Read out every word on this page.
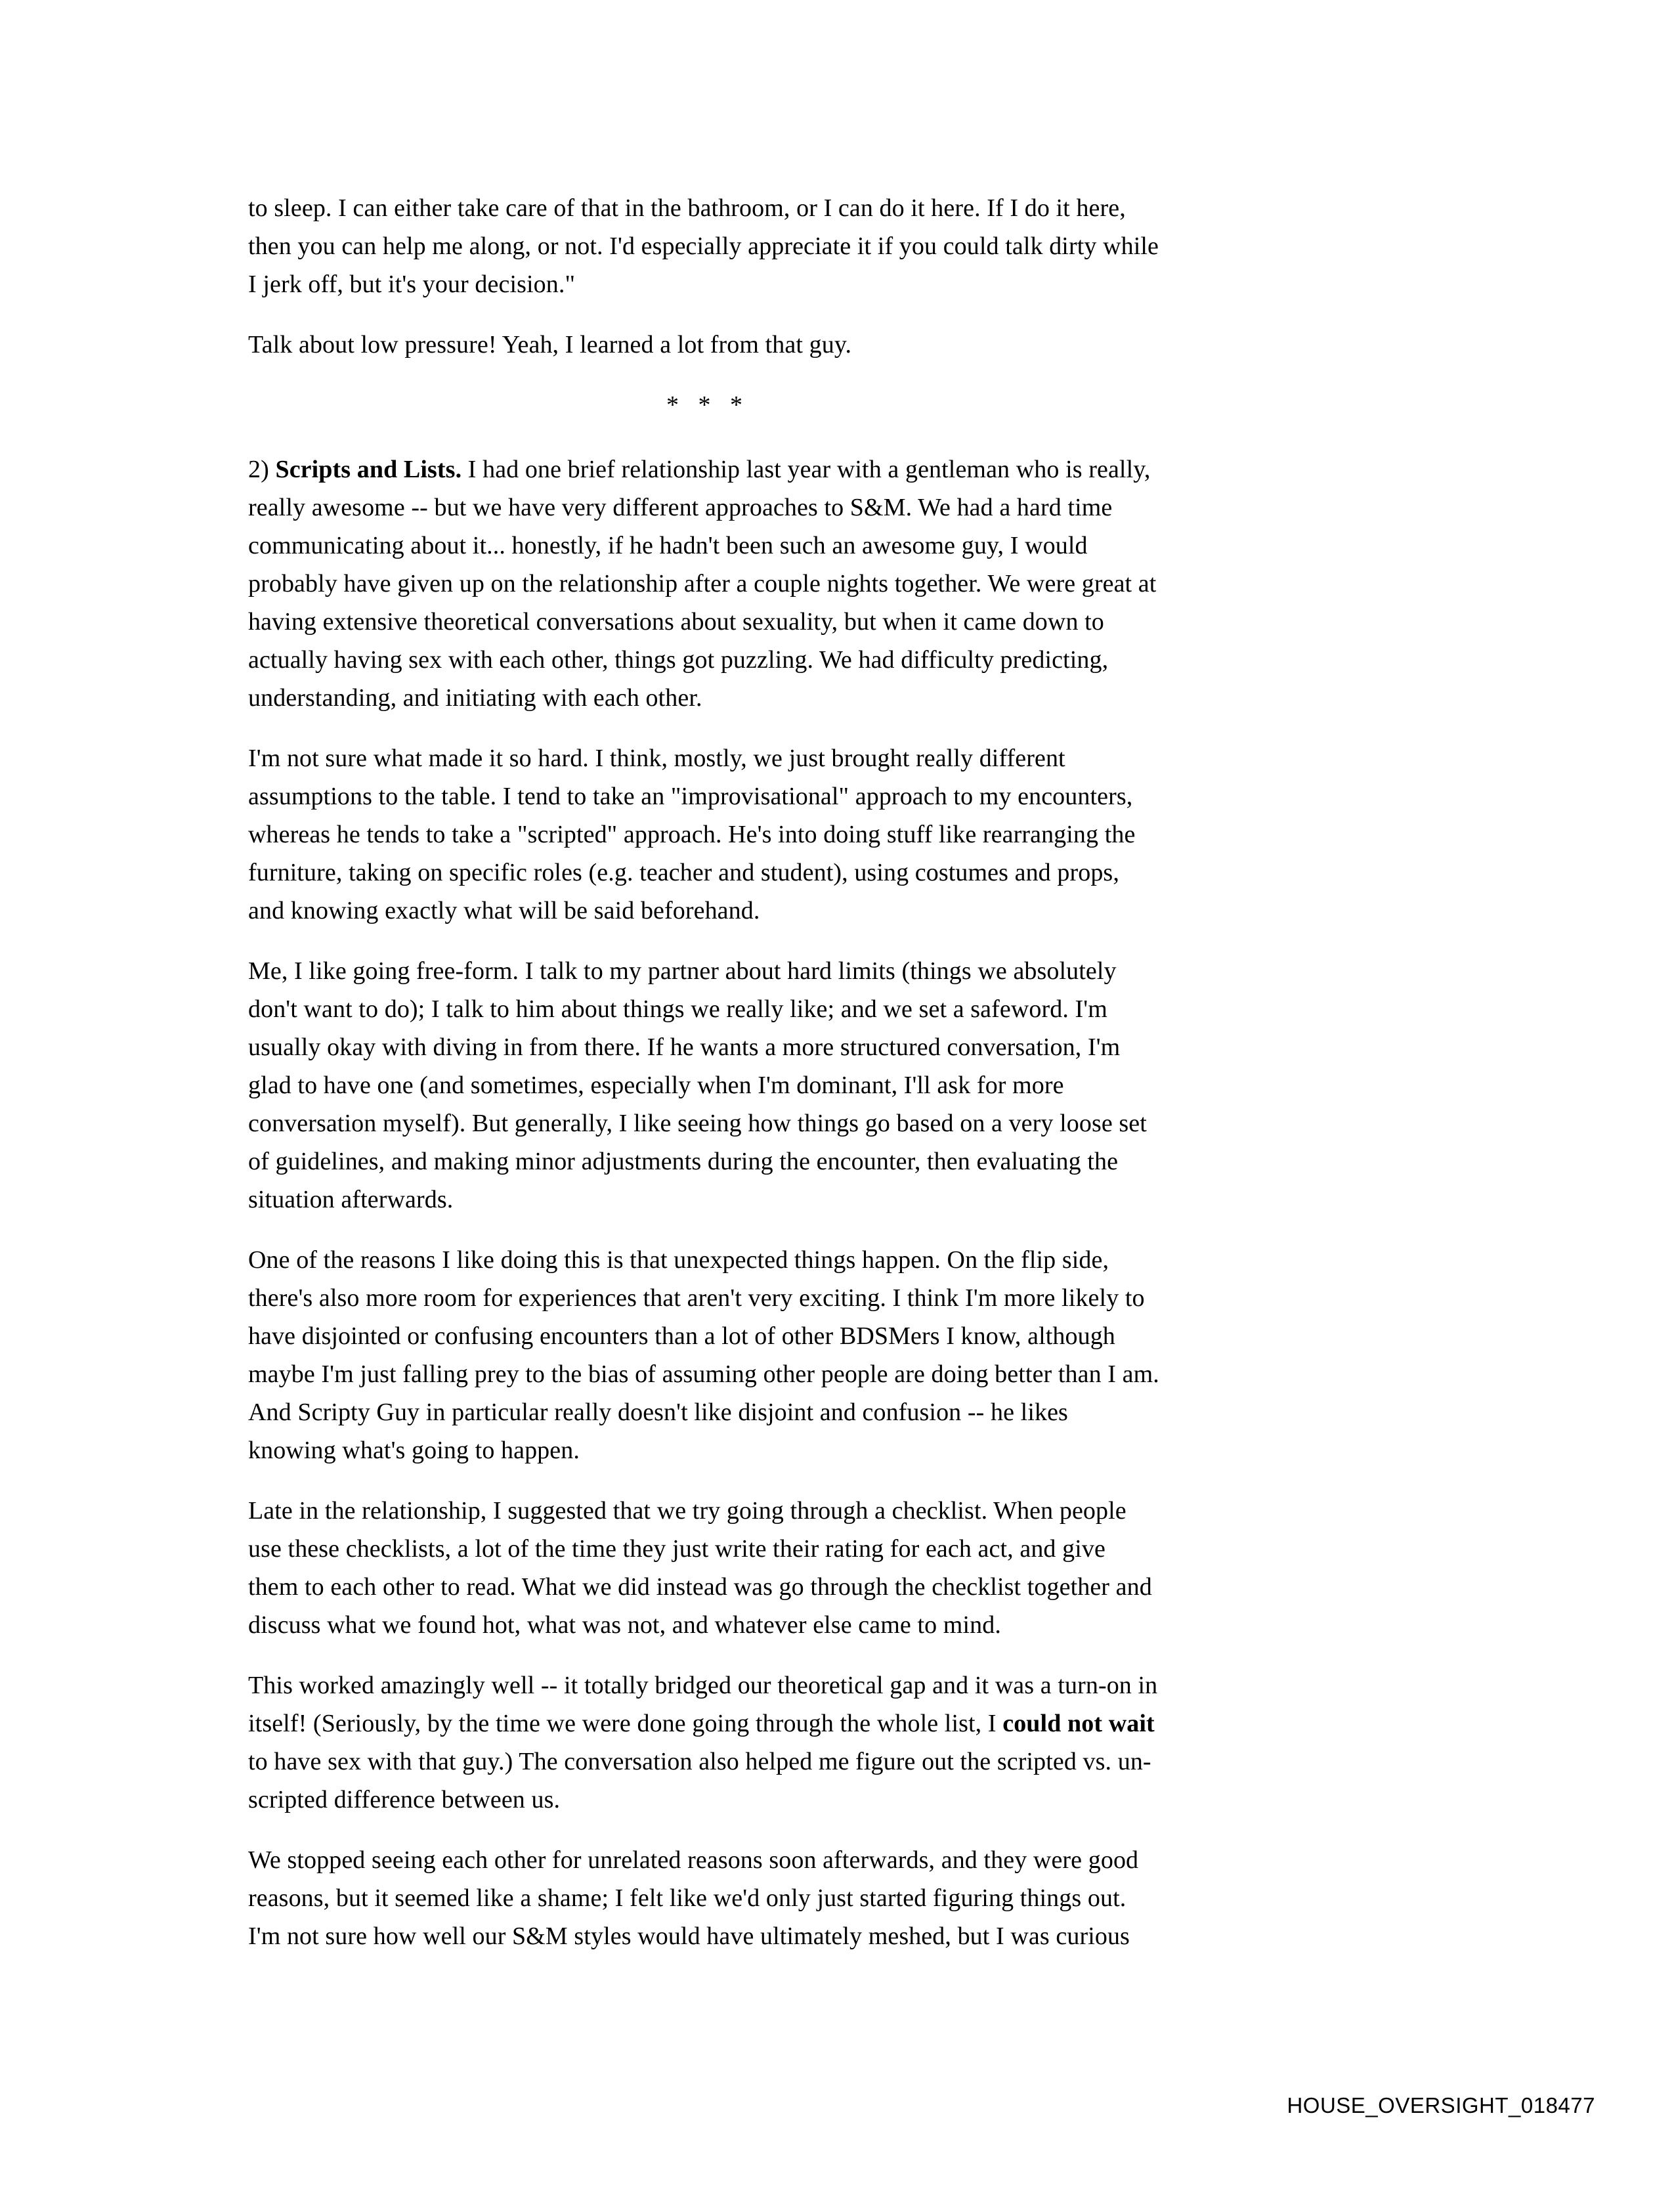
to sleep. I can either take care of that in the bathroom, or I can do it here. If I do it here, then you can help me along, or not. I'd especially appreciate it if you could talk dirty while I jerk off, but it's your decision."

Talk about low pressure! Yeah, I learned a lot from that guy.

* * *

2) Scripts and Lists. I had one brief relationship last year with a gentleman who is really, really awesome -- but we have very different approaches to S&M. We had a hard time communicating about it... honestly, if he hadn't been such an awesome guy, I would probably have given up on the relationship after a couple nights together. We were great at having extensive theoretical conversations about sexuality, but when it came down to actually having sex with each other, things got puzzling. We had difficulty predicting, understanding, and initiating with each other.

I'm not sure what made it so hard. I think, mostly, we just brought really different assumptions to the table. I tend to take an "improvisational" approach to my encounters, whereas he tends to take a "scripted" approach. He's into doing stuff like rearranging the furniture, taking on specific roles (e.g. teacher and student), using costumes and props, and knowing exactly what will be said beforehand.

Me, I like going free-form. I talk to my partner about hard limits (things we absolutely don't want to do); I talk to him about things we really like; and we set a safeword. I'm usually okay with diving in from there. If he wants a more structured conversation, I'm glad to have one (and sometimes, especially when I'm dominant, I'll ask for more conversation myself). But generally, I like seeing how things go based on a very loose set of guidelines, and making minor adjustments during the encounter, then evaluating the situation afterwards.

One of the reasons I like doing this is that unexpected things happen. On the flip side, there's also more room for experiences that aren't very exciting. I think I'm more likely to have disjointed or confusing encounters than a lot of other BDSMers I know, although maybe I'm just falling prey to the bias of assuming other people are doing better than I am. And Scripty Guy in particular really doesn't like disjoint and confusion -- he likes knowing what's going to happen.

Late in the relationship, I suggested that we try going through a checklist. When people use these checklists, a lot of the time they just write their rating for each act, and give them to each other to read. What we did instead was go through the checklist together and discuss what we found hot, what was not, and whatever else came to mind.

This worked amazingly well -- it totally bridged our theoretical gap and it was a turn-on in itself! (Seriously, by the time we were done going through the whole list, I could not wait to have sex with that guy.) The conversation also helped me figure out the scripted vs. un-scripted difference between us.

We stopped seeing each other for unrelated reasons soon afterwards, and they were good reasons, but it seemed like a shame; I felt like we'd only just started figuring things out. I'm not sure how well our S&M styles would have ultimately meshed, but I was curious

HOUSE_OVERSIGHT_018477
